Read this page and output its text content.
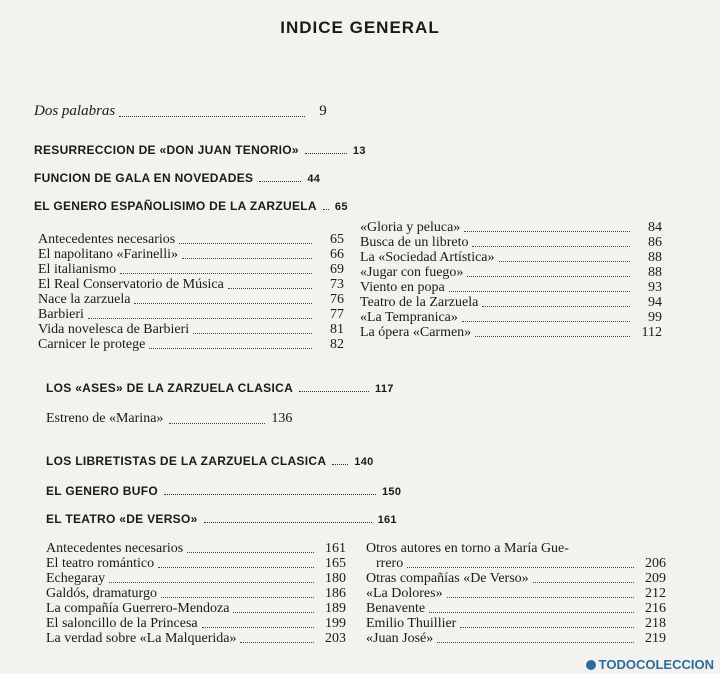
INDICE GENERAL
Dos palabras	9
RESURRECCION DE «DON JUAN TENORIO»	13
FUNCION DE GALA EN NOVEDADES	44
EL GENERO ESPAÑOLISIMO DE LA ZARZUELA 65
Antecedentes necesarios	65
El napolitano «Farinelli»	66
El italianismo	69
El Real Conservatorio de Música	73
Nace la zarzuela	76
Barbieri	77
Vida novelesca de Barbieri	81
Carnicer le protege	82
«Gloria y peluca»	84
Busca de un libreto	86
La «Sociedad Artística»	88
«Jugar con fuego»	88
Viento en popa	93
Teatro de la Zarzuela	94
«La Tempranica»	99
La ópera «Carmen»	112
LOS «ASES» DE LA ZARZUELA CLASICA	117
Estreno de «Marina»	136
LOS LIBRETISTAS DE LA ZARZUELA CLASICA	140
EL GENERO BUFO	150
EL TEATRO «DE VERSO»	161
Antecedentes necesarios	161
El teatro romántico	165
Echegaray	180
Galdós, dramaturgo	186
La compañía Guerrero-Mendoza	189
El saloncillo de la Princesa	199
La verdad sobre «La Malquerida»	203
Otros autores en torno a María Gue-
rrero	206
Otras compañías «De Verso»	209
«La Dolores»	212
Benavente	216
Emilio Thuillier	218
«Juan José»	219
TODOCOLECCION
